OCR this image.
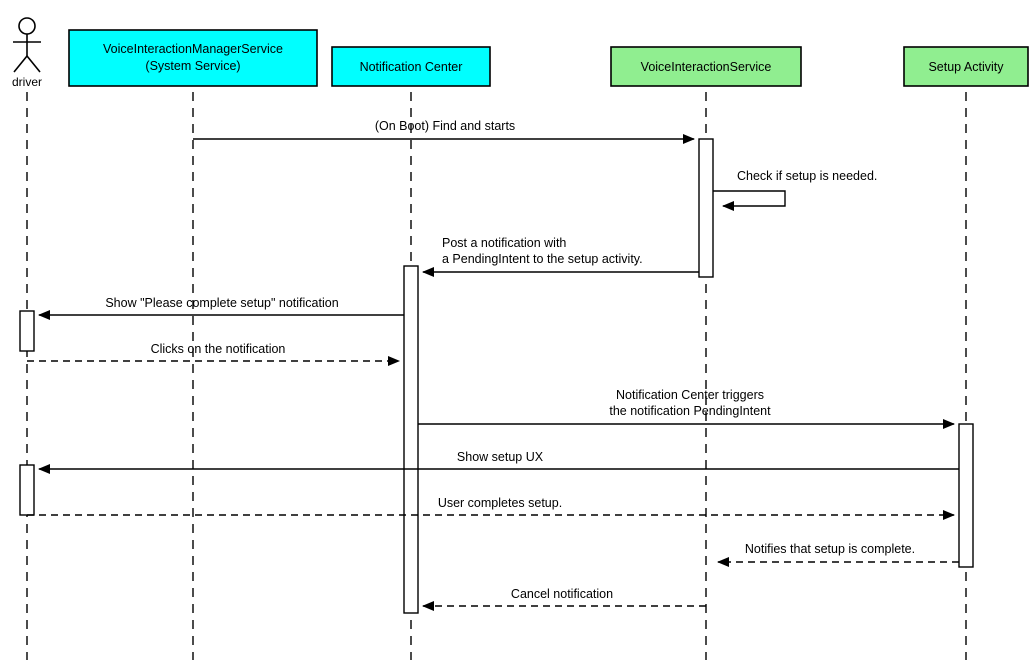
driver
VoiceInteractionManagerService
(System Service)	Notification Center	VoiceInteractionService	Setup Activity
(On Boot) Find and starts
Check if setup is needed.
Post a notification with
a PendingIntent to the setup activity.
Show "Please complete setup" notification
Clicks on the notification
Notification Center triggers
the notification PendingIntent
Show setup UX
User completes setup.
Notifies that setup is complete.
Cancel notification
